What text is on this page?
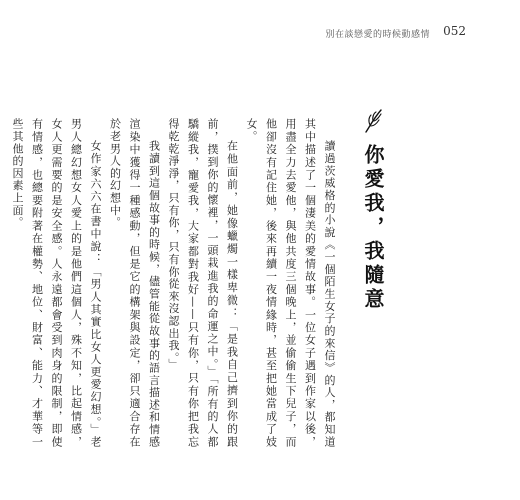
別在談戀愛的時候動感情 052
你愛我，我隨意

讀過茨威格的小說《一個陌生女子的來信》的人，都知道其中描述了一個淒美的愛情故事。一位女子遇到作家以後，用盡全力去愛他，與他共度三個晚上，並偷偷生下兒子，而他卻沒有記住她，後來再續一夜情緣時，甚至把她當成了妓女。

在他面前，她像蠟燭一樣卑微：「是我自己擠到你的跟前，撲到你的懷裡，一頭栽進我的命運之中。」「所有的人都驕縱我，寵愛我，大家都對我好——只有你，只有你把我忘得乾乾淨淨，只有你，只有你從來沒認出我。」

我讀到這個故事的時候，儘管能從故事的語言描述和情感渲染中獲得一種感動，但是它的構架與設定，卻只適合存在於老男人的幻想中。

女作家六六在書中說：「男人其實比女人更愛幻想。」老男人總幻想女人愛上的是他們這個人，殊不知，比起情感，女人更需要的是安全感。人永遠都會受到肉身的限制，即使有情感，也總要附著在權勢、地位、財富、能力、才華等一些其他的因素上面。
